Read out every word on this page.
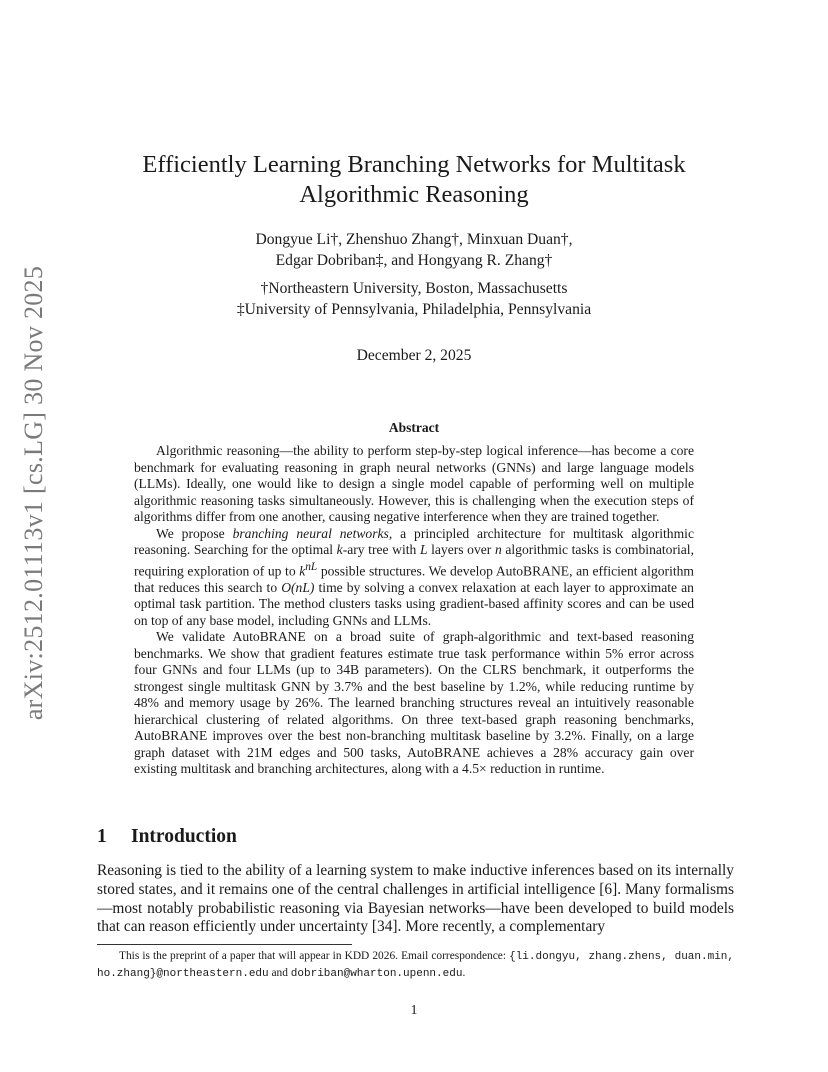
arXiv:2512.01113v1 [cs.LG] 30 Nov 2025
Efficiently Learning Branching Networks for Multitask
Algorithmic Reasoning
Dongyue Li†, Zhenshuo Zhang†, Minxuan Duan†,
Edgar Dobriban‡, and Hongyang R. Zhang†
†Northeastern University, Boston, Massachusetts
‡University of Pennsylvania, Philadelphia, Pennsylvania
December 2, 2025
Abstract

Algorithmic reasoning—the ability to perform step-by-step logical inference—has become a core benchmark for evaluating reasoning in graph neural networks (GNNs) and large language models (LLMs). Ideally, one would like to design a single model capable of performing well on multiple algorithmic reasoning tasks simultaneously. However, this is challenging when the execution steps of algorithms differ from one another, causing negative interference when they are trained together.

We propose branching neural networks, a principled architecture for multitask algorithmic reasoning. Searching for the optimal k-ary tree with L layers over n algorithmic tasks is combinatorial, requiring exploration of up to $k^{nL}$ possible structures. We develop AutoBRANE, an efficient algorithm that reduces this search to O(nL) time by solving a convex relaxation at each layer to approximate an optimal task partition. The method clusters tasks using gradient-based affinity scores and can be used on top of any base model, including GNNs and LLMs.

We validate AutoBRANE on a broad suite of graph-algorithmic and text-based reasoning benchmarks. We show that gradient features estimate true task performance within 5% error across four GNNs and four LLMs (up to 34B parameters). On the CLRS benchmark, it outperforms the strongest single multitask GNN by 3.7% and the best baseline by 1.2%, while reducing runtime by 48% and memory usage by 26%. The learned branching structures reveal an intuitively reasonable hierarchical clustering of related algorithms. On three text-based graph reasoning benchmarks, AutoBRANE improves over the best non-branching multitask baseline by 3.2%. Finally, on a large graph dataset with 21M edges and 500 tasks, AutoBRANE achieves a 28% accuracy gain over existing multitask and branching architectures, along with a 4.5× reduction in runtime.

1 Introduction

Reasoning is tied to the ability of a learning system to make inductive inferences based on its internally stored states, and it remains one of the central challenges in artificial intelligence [6]. Many formalisms—most notably probabilistic reasoning via Bayesian networks—have been developed to build models that can reason efficiently under uncertainty [34]. More recently, a complementary

This is the preprint of a paper that will appear in KDD 2026. Email correspondence: {li.dongyu, zhang.zhens, duan.min, ho.zhang}@northeastern.edu and dobriban@wharton.upenn.edu.

1
